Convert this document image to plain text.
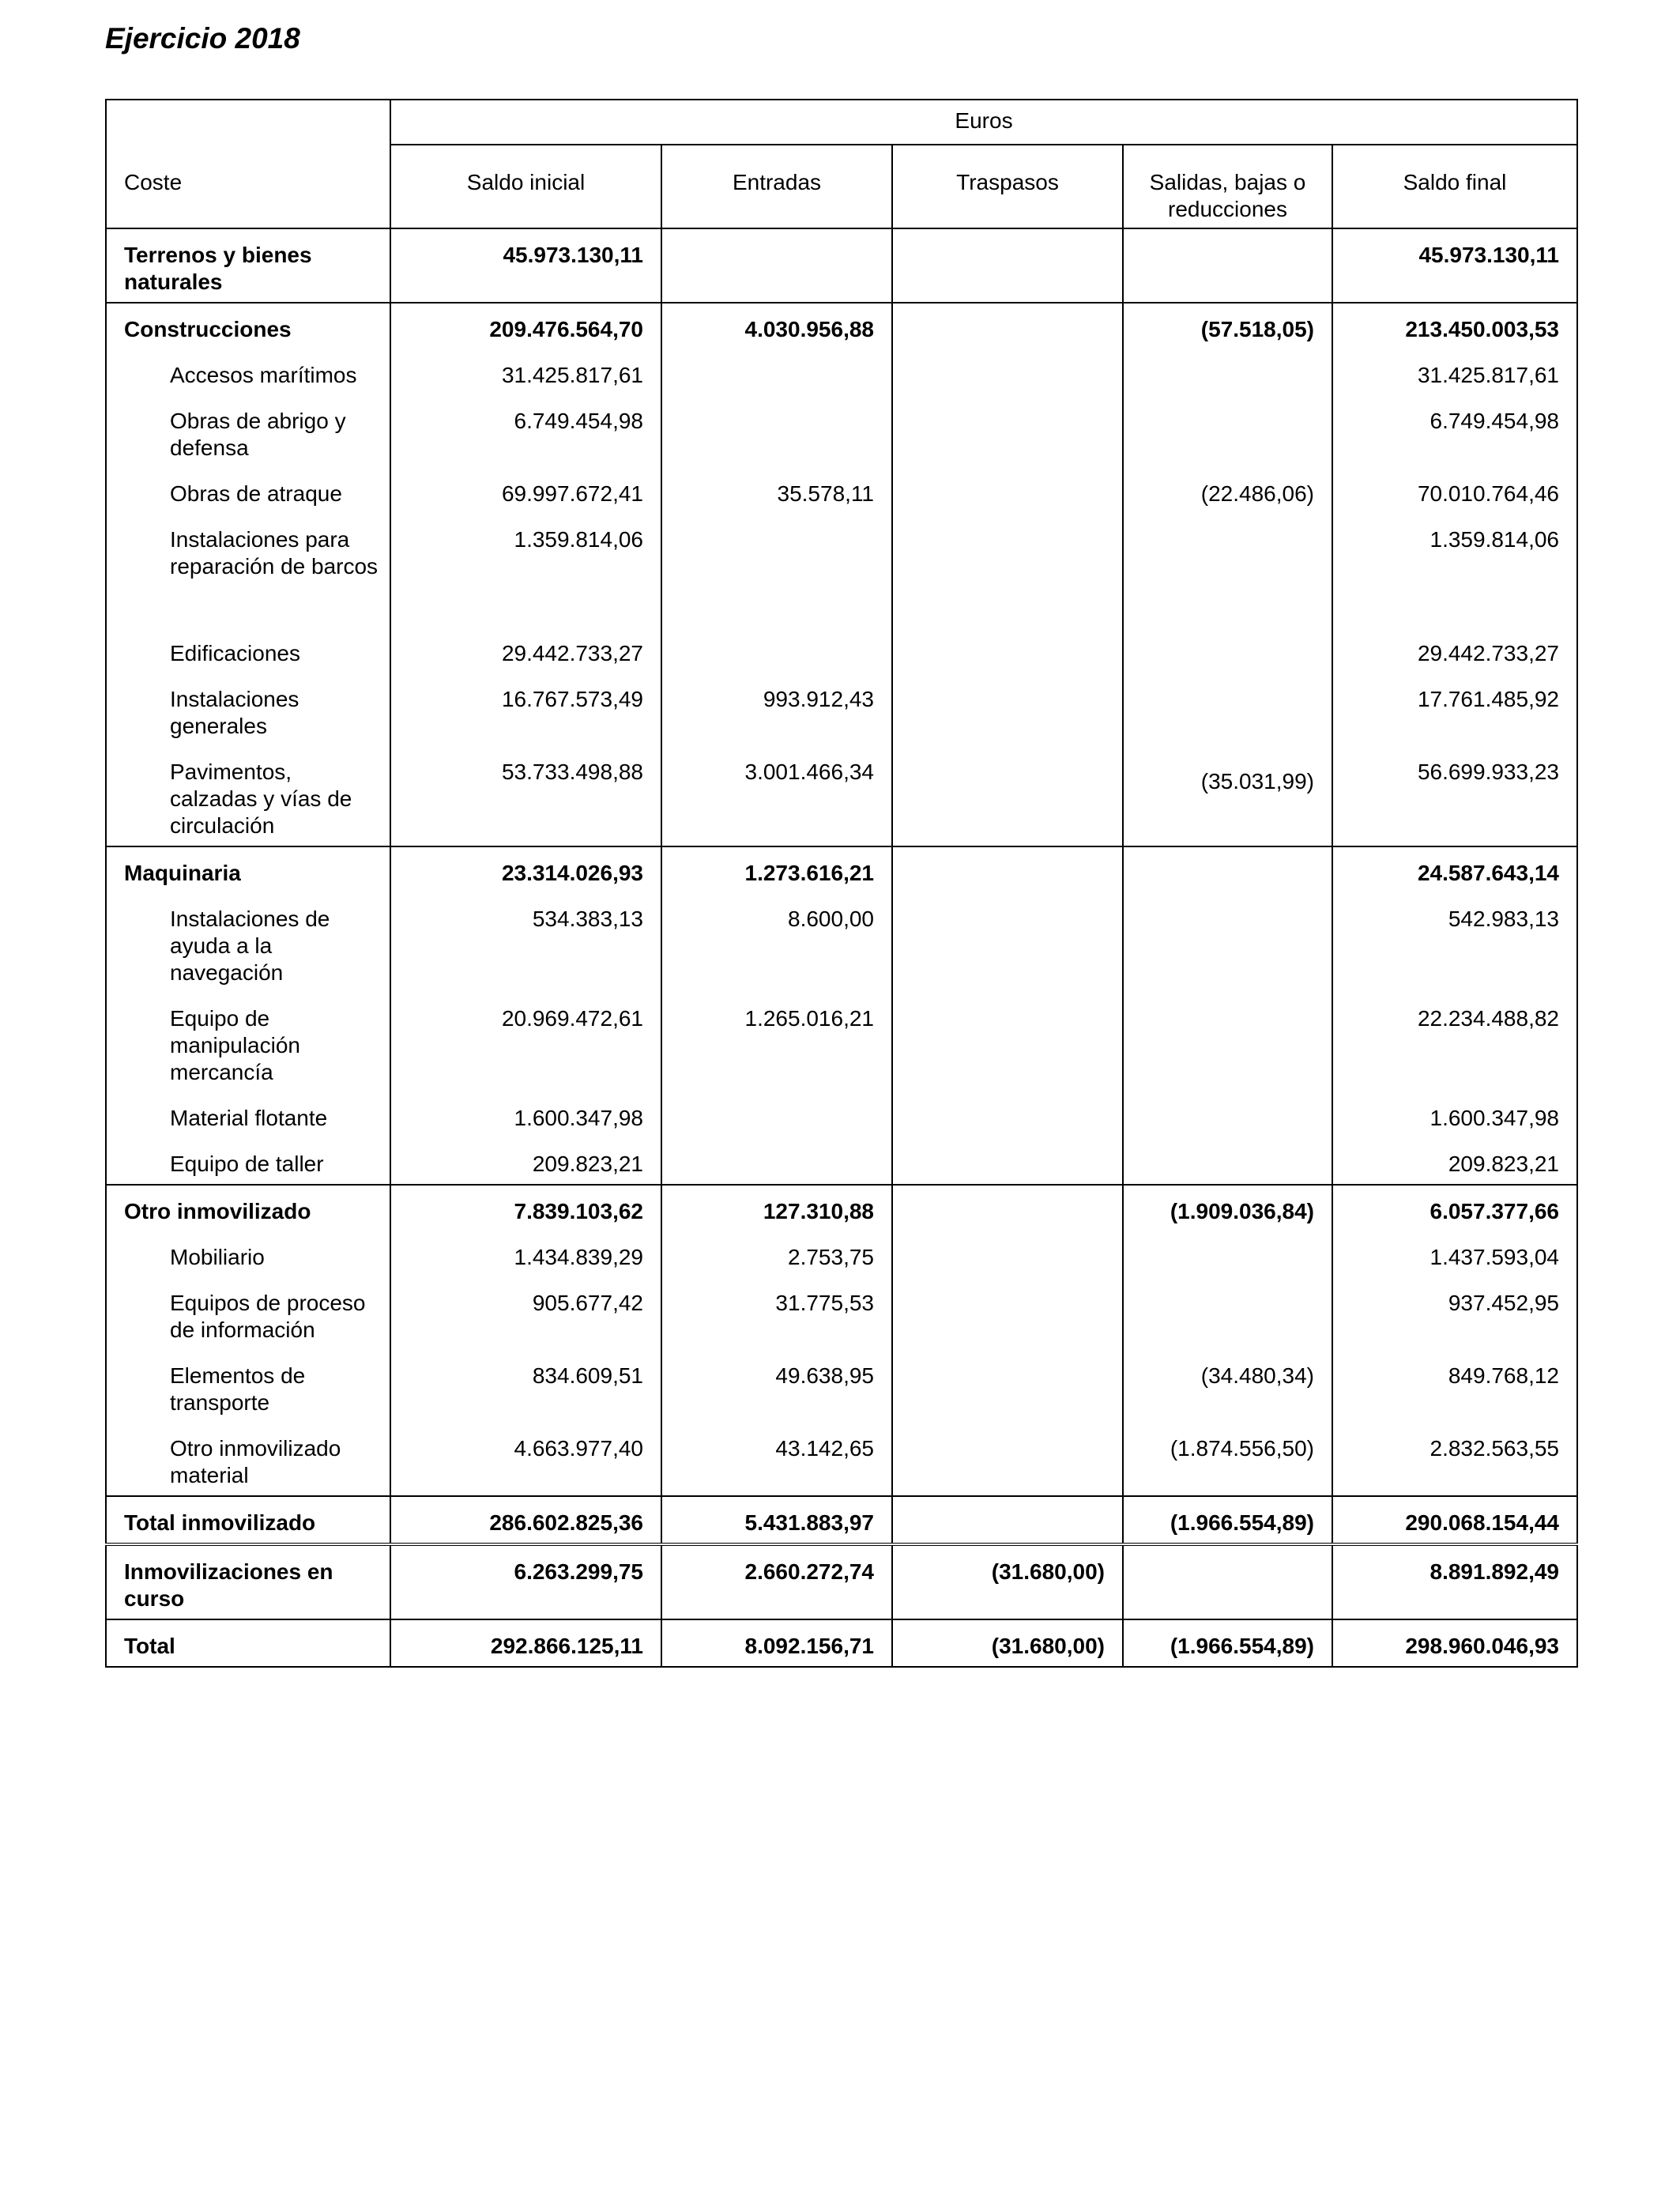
Ejercicio 2018
Coste	Euros				
	Saldo inicial	Entradas	Traspasos	Salidas, bajas o reducciones	Saldo final
Terrenos y bienes naturales	45.973.130,11				45.973.130,11
Construcciones	209.476.564,70	4.030.956,88		(57.518,05)	213.450.003,53
Accesos marítimos	31.425.817,61				31.425.817,61
Obras de abrigo y defensa	6.749.454,98				6.749.454,98
Obras de atraque	69.997.672,41	35.578,11		(22.486,06)	70.010.764,46
Instalaciones para reparación de barcos	1.359.814,06				1.359.814,06
Edificaciones	29.442.733,27				29.442.733,27
Instalaciones generales	16.767.573,49	993.912,43			17.761.485,92
Pavimentos, calzadas y vías de circulación	53.733.498,88	3.001.466,34		(35.031,99)	56.699.933,23
Maquinaria	23.314.026,93	1.273.616,21			24.587.643,14
Instalaciones de ayuda a la navegación	534.383,13	8.600,00			542.983,13
Equipo de manipulación mercancía	20.969.472,61	1.265.016,21			22.234.488,82
Material flotante	1.600.347,98				1.600.347,98
Equipo de taller	209.823,21				209.823,21
Otro inmovilizado	7.839.103,62	127.310,88		(1.909.036,84)	6.057.377,66
Mobiliario	1.434.839,29	2.753,75			1.437.593,04
Equipos de proceso de información	905.677,42	31.775,53			937.452,95
Elementos de transporte	834.609,51	49.638,95		(34.480,34)	849.768,12
Otro inmovilizado material	4.663.977,40	43.142,65		(1.874.556,50)	2.832.563,55
Total inmovilizado	286.602.825,36	5.431.883,97		(1.966.554,89)	290.068.154,44
Inmovilizaciones en curso	6.263.299,75	2.660.272,74	(31.680,00)		8.891.892,49
Total	292.866.125,11	8.092.156,71	(31.680,00)	(1.966.554,89)	298.960.046,93
